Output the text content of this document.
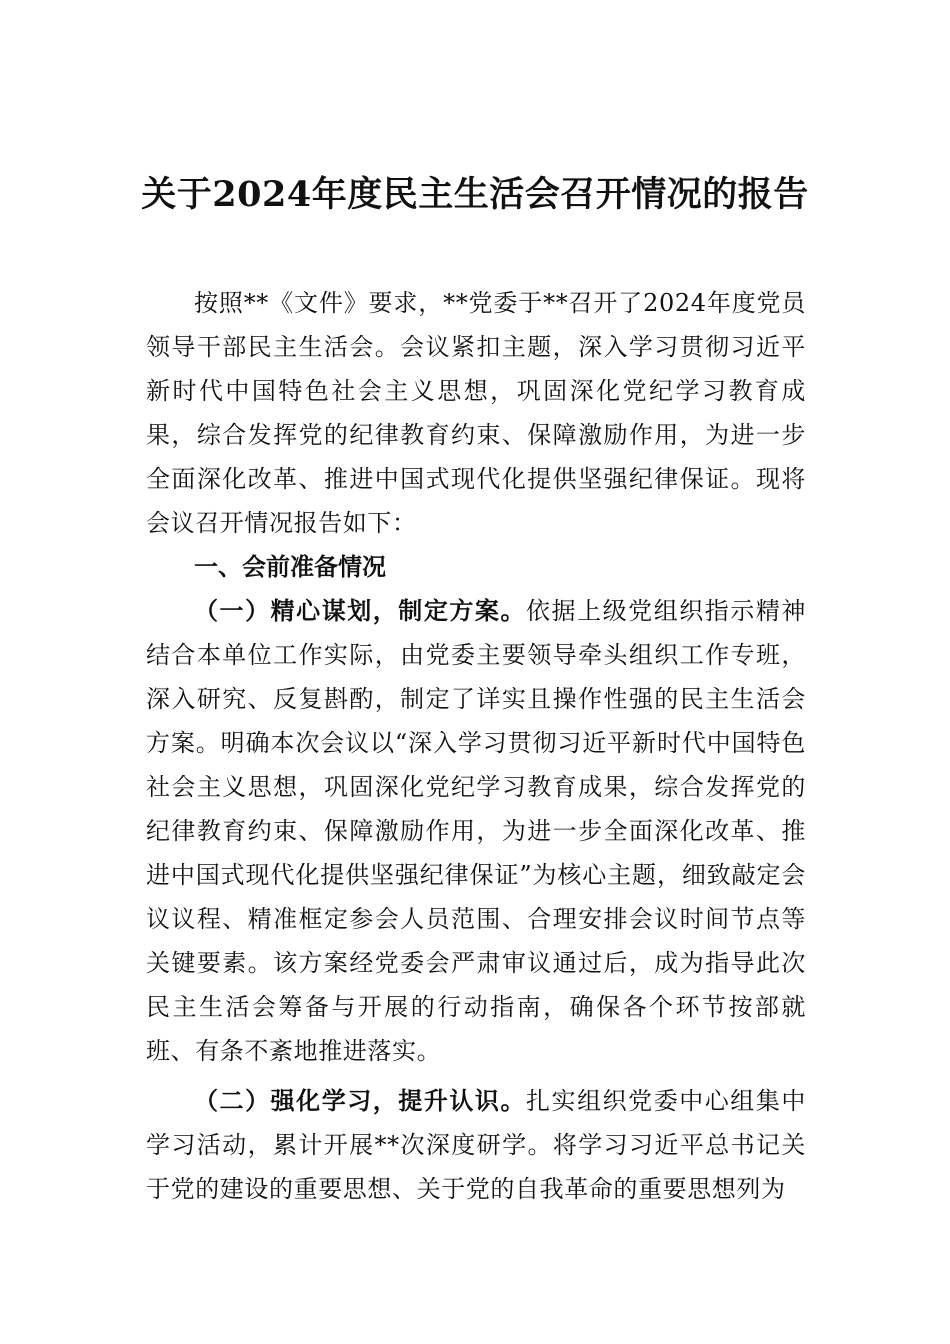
关于2024年度民主生活会召开情况的报告

按照**《文件》要求，**党委于**召开了2024年度党员领导干部民主生活会。会议紧扣主题，深入学习贯彻习近平新时代中国特色社会主义思想，巩固深化党纪学习教育成果，综合发挥党的纪律教育约束、保障激励作用，为进一步全面深化改革、推进中国式现代化提供坚强纪律保证。现将会议召开情况报告如下：

一、会前准备情况

（一）精心谋划，制定方案。依据上级党组织指示精神结合本单位工作实际，由党委主要领导牵头组织工作专班，深入研究、反复斟酌，制定了详实且操作性强的民主生活会方案。明确本次会议以“深入学习贯彻习近平新时代中国特色社会主义思想，巩固深化党纪学习教育成果，综合发挥党的纪律教育约束、保障激励作用，为进一步全面深化改革、推进中国式现代化提供坚强纪律保证”为核心主题，细致敲定会议议程、精准框定参会人员范围、合理安排会议时间节点等关键要素。该方案经党委会严肃审议通过后，成为指导此次民主生活会筹备与开展的行动指南，确保各个环节按部就班、有条不紊地推进落实。

（二）强化学习，提升认识。扎实组织党委中心组集中学习活动，累计开展**次深度研学。将学习习近平总书记关于党的建设的重要思想、关于党的自我革命的重要思想列为
